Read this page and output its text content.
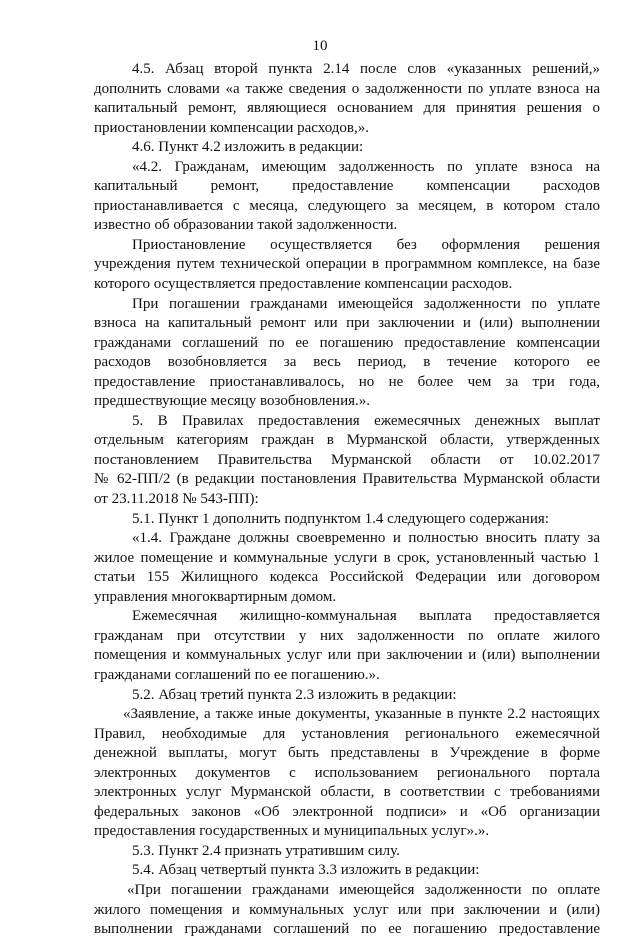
10
4.5. Абзац второй пункта 2.14 после слов «указанных решений,»
дополнить словами «а также сведения о задолженности по уплате взноса на
капитальный ремонт, являющиеся основанием для принятия решения о
приостановлении компенсации расходов,».
4.6. Пункт 4.2 изложить в редакции:
«4.2. Гражданам, имеющим задолженность по уплате взноса на
капитальный ремонт, предоставление компенсации расходов
приостанавливается с месяца, следующего за месяцем, в котором стало
известно об образовании такой задолженности.
Приостановление осуществляется без оформления решения
учреждения путем технической операции в программном комплексе, на базе
которого осуществляется предоставление компенсации расходов.
При погашении гражданами имеющейся задолженности по уплате
взноса на капитальный ремонт или при заключении и (или) выполнении
гражданами соглашений по ее погашению предоставление компенсации
расходов возобновляется за весь период, в течение которого ее
предоставление приостанавливалось, но не более чем за три года,
предшествующие месяцу возобновления.».
5. В Правилах предоставления ежемесячных денежных выплат
отдельным категориям граждан в Мурманской области, утвержденных
постановлением Правительства Мурманской области от 10.02.2017
№ 62-ПП/2 (в редакции постановления Правительства Мурманской области
от 23.11.2018 № 543-ПП):
5.1. Пункт 1 дополнить подпунктом 1.4 следующего содержания:
«1.4. Граждане должны своевременно и полностью вносить плату за
жилое помещение и коммунальные услуги в срок, установленный частью 1
статьи 155 Жилищного кодекса Российской Федерации или договором
управления многоквартирным домом.
Ежемесячная жилищно-коммунальная выплата предоставляется
гражданам при отсутствии у них задолженности по оплате жилого
помещения и коммунальных услуг или при заключении и (или) выполнении
гражданами соглашений по ее погашению.».
5.2. Абзац третий пункта 2.3 изложить в редакции:
«Заявление, а также иные документы, указанные в пункте 2.2 настоящих
Правил, необходимые для установления регионального ежемесячной
денежной выплаты, могут быть представлены в Учреждение в форме
электронных документов с использованием регионального портала
электронных услуг Мурманской области, в соответствии с требованиями
федеральных законов «Об электронной подписи» и «Об организации
предоставления государственных и муниципальных услуг».».
5.3. Пункт 2.4 признать утратившим силу.
5.4. Абзац четвертый пункта 3.3 изложить в редакции:
«При погашении гражданами имеющейся задолженности по оплате
жилого помещения и коммунальных услуг или при заключении и (или)
выполнении гражданами соглашений по ее погашению предоставление
